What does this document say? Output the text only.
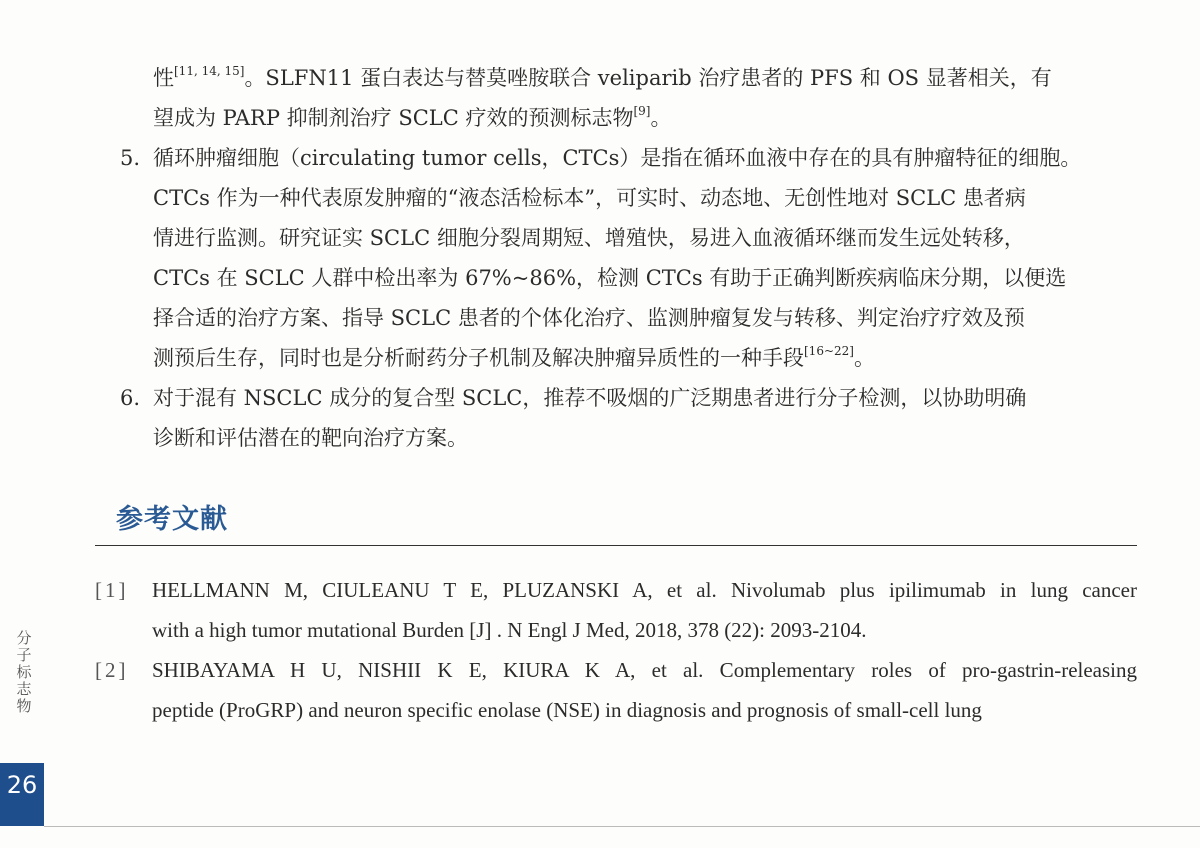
性[11, 14, 15]。SLFN11 蛋白表达与替莫唑胺联合 veliparib 治疗患者的 PFS 和 OS 显著相关，有
望成为 PARP 抑制剂治疗 SCLC 疗效的预测标志物[9]。
5. 循环肿瘤细胞（circulating tumor cells，CTCs）是指在循环血液中存在的具有肿瘤特征的细胞。
CTCs 作为一种代表原发肿瘤的“液态活检标本”，可实时、动态地、无创性地对 SCLC 患者病
情进行监测。研究证实 SCLC 细胞分裂周期短、增殖快，易进入血液循环继而发生远处转移，
CTCs 在 SCLC 人群中检出率为 67%~86%，检测 CTCs 有助于正确判断疾病临床分期，以便选
择合适的治疗方案、指导 SCLC 患者的个体化治疗、监测肿瘤复发与转移、判定治疗疗效及预
测预后生存，同时也是分析耐药分子机制及解决肿瘤异质性的一种手段[16~22]。
6. 对于混有 NSCLC 成分的复合型 SCLC，推荐不吸烟的广泛期患者进行分子检测，以协助明确
诊断和评估潜在的靶向治疗方案。
参考文献
[1] HELLMANN M, CIULEANU T E, PLUZANSKI A, et al. Nivolumab plus ipilimumab in lung cancer
with a high tumor mutational Burden [J] . N Engl J Med, 2018, 378 (22): 2093-2104.
[2] SHIBAYAMA H U, NISHII K E, KIURA K A, et al. Complementary roles of pro-gastrin-releasing
peptide (ProGRP) and neuron specific enolase (NSE) in diagnosis and prognosis of small-cell lung
分
子
标
志
物
26
